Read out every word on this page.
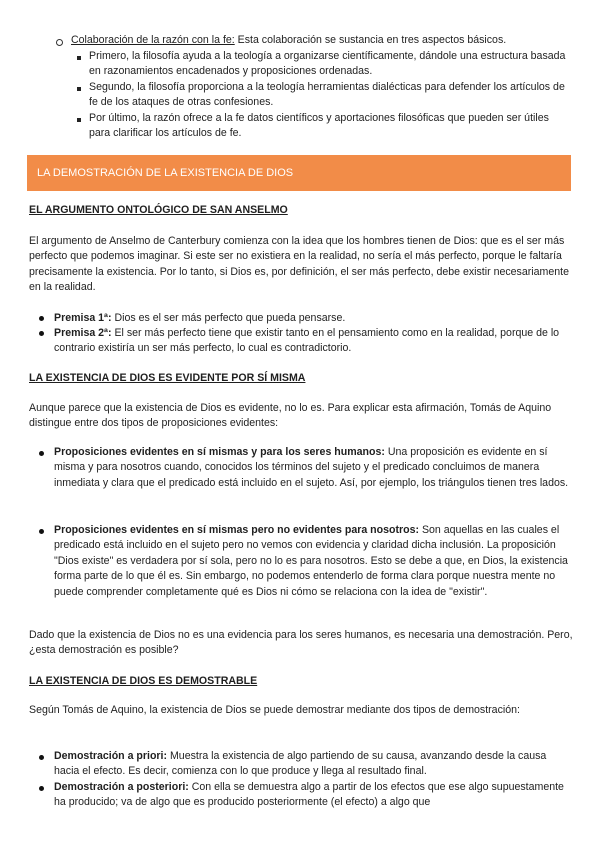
Colaboración de la razón con la fe: Esta colaboración se sustancia en tres aspectos básicos.

Primero, la filosofía ayuda a la teología a organizarse científicamente, dándole una estructura basada en razonamientos encadenados y proposiciones ordenadas.

Segundo, la filosofía proporciona a la teología herramientas dialécticas para defender los artículos de fe de los ataques de otras confesiones.

Por último, la razón ofrece a la fe datos científicos y aportaciones filosóficas que pueden ser útiles para clarificar los artículos de fe.

LA DEMOSTRACIÓN DE LA EXISTENCIA DE DIOS

EL ARGUMENTO ONTOLÓGICO DE SAN ANSELMO

El argumento de Anselmo de Canterbury comienza con la idea que los hombres tienen de Dios: que es el ser más perfecto que podemos imaginar. Si este ser no existiera en la realidad, no sería el más perfecto, porque le faltaría precisamente la existencia. Por lo tanto, si Dios es, por definición, el ser más perfecto, debe existir necesariamente en la realidad.

Premisa 1ª: Dios es el ser más perfecto que pueda pensarse.

Premisa 2ª: El ser más perfecto tiene que existir tanto en el pensamiento como en la realidad, porque de lo contrario existiría un ser más perfecto, lo cual es contradictorio.

LA EXISTENCIA DE DIOS ES EVIDENTE POR SÍ MISMA

Aunque parece que la existencia de Dios es evidente, no lo es. Para explicar esta afirmación, Tomás de Aquino distingue entre dos tipos de proposiciones evidentes:

Proposiciones evidentes en sí mismas y para los seres humanos: Una proposición es evidente en sí misma y para nosotros cuando, conocidos los términos del sujeto y el predicado concluimos de manera inmediata y clara que el predicado está incluido en el sujeto. Así, por ejemplo, los triángulos tienen tres lados.

Proposiciones evidentes en sí mismas pero no evidentes para nosotros: Son aquellas en las cuales el predicado está incluido en el sujeto pero no vemos con evidencia y claridad dicha inclusión. La proposición "Dios existe" es verdadera por sí sola, pero no lo es para nosotros. Esto se debe a que, en Dios, la existencia forma parte de lo que él es. Sin embargo, no podemos entenderlo de forma clara porque nuestra mente no puede comprender completamente qué es Dios ni cómo se relaciona con la idea de "existir".

Dado que la existencia de Dios no es una evidencia para los seres humanos, es necesaria una demostración. Pero, ¿esta demostración es posible?

LA EXISTENCIA DE DIOS ES DEMOSTRABLE

Según Tomás de Aquino, la existencia de Dios se puede demostrar mediante dos tipos de demostración:

Demostración a priori: Muestra la existencia de algo partiendo de su causa, avanzando desde la causa hacia el efecto. Es decir, comienza con lo que produce y llega al resultado final.

Demostración a posteriori: Con ella se demuestra algo a partir de los efectos que ese algo supuestamente ha producido; va de algo que es producido posteriormente (el efecto) a algo que
